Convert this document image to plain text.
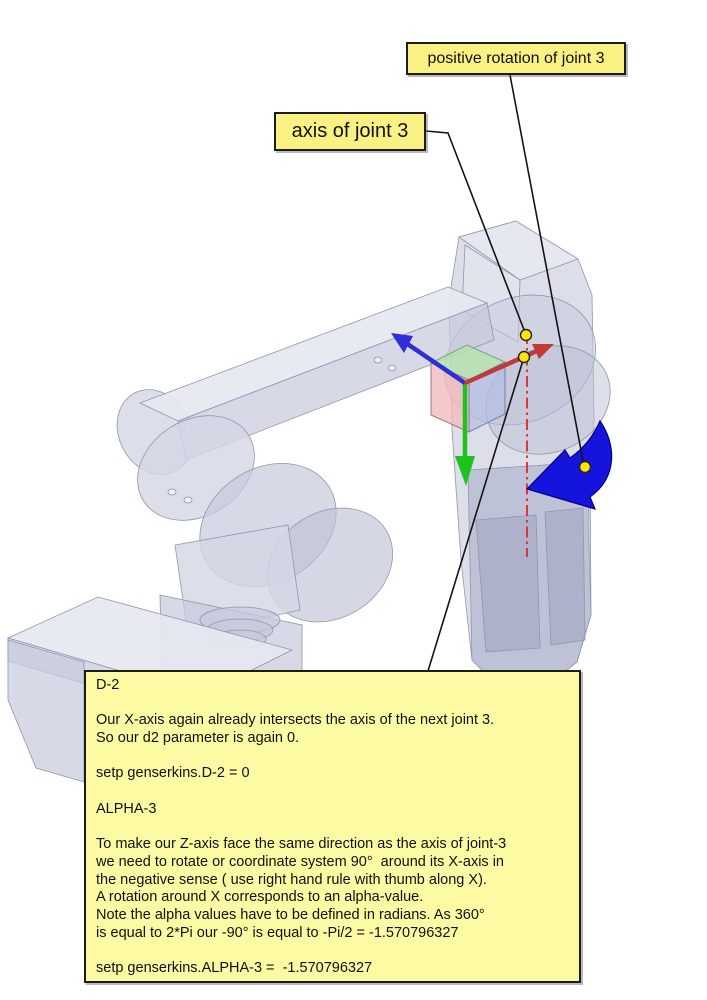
positive rotation of joint 3
axis of joint 3
D-2
Our X-axis again already intersects the axis of the next joint 3.
So our d2 parameter is again 0.
setp genserkins.D-2 = 0
ALPHA-3
To make our Z-axis face the same direction as the axis of joint-3
we need to rotate or coordinate system 90°  around its X-axis in
the negative sense ( use right hand rule with thumb along X).
A rotation around X corresponds to an alpha-value.
Note the alpha values have to be defined in radians. As 360°
is equal to 2*Pi our -90° is equal to -Pi/2 = -1.570796327
setp genserkins.ALPHA-3 =  -1.570796327
